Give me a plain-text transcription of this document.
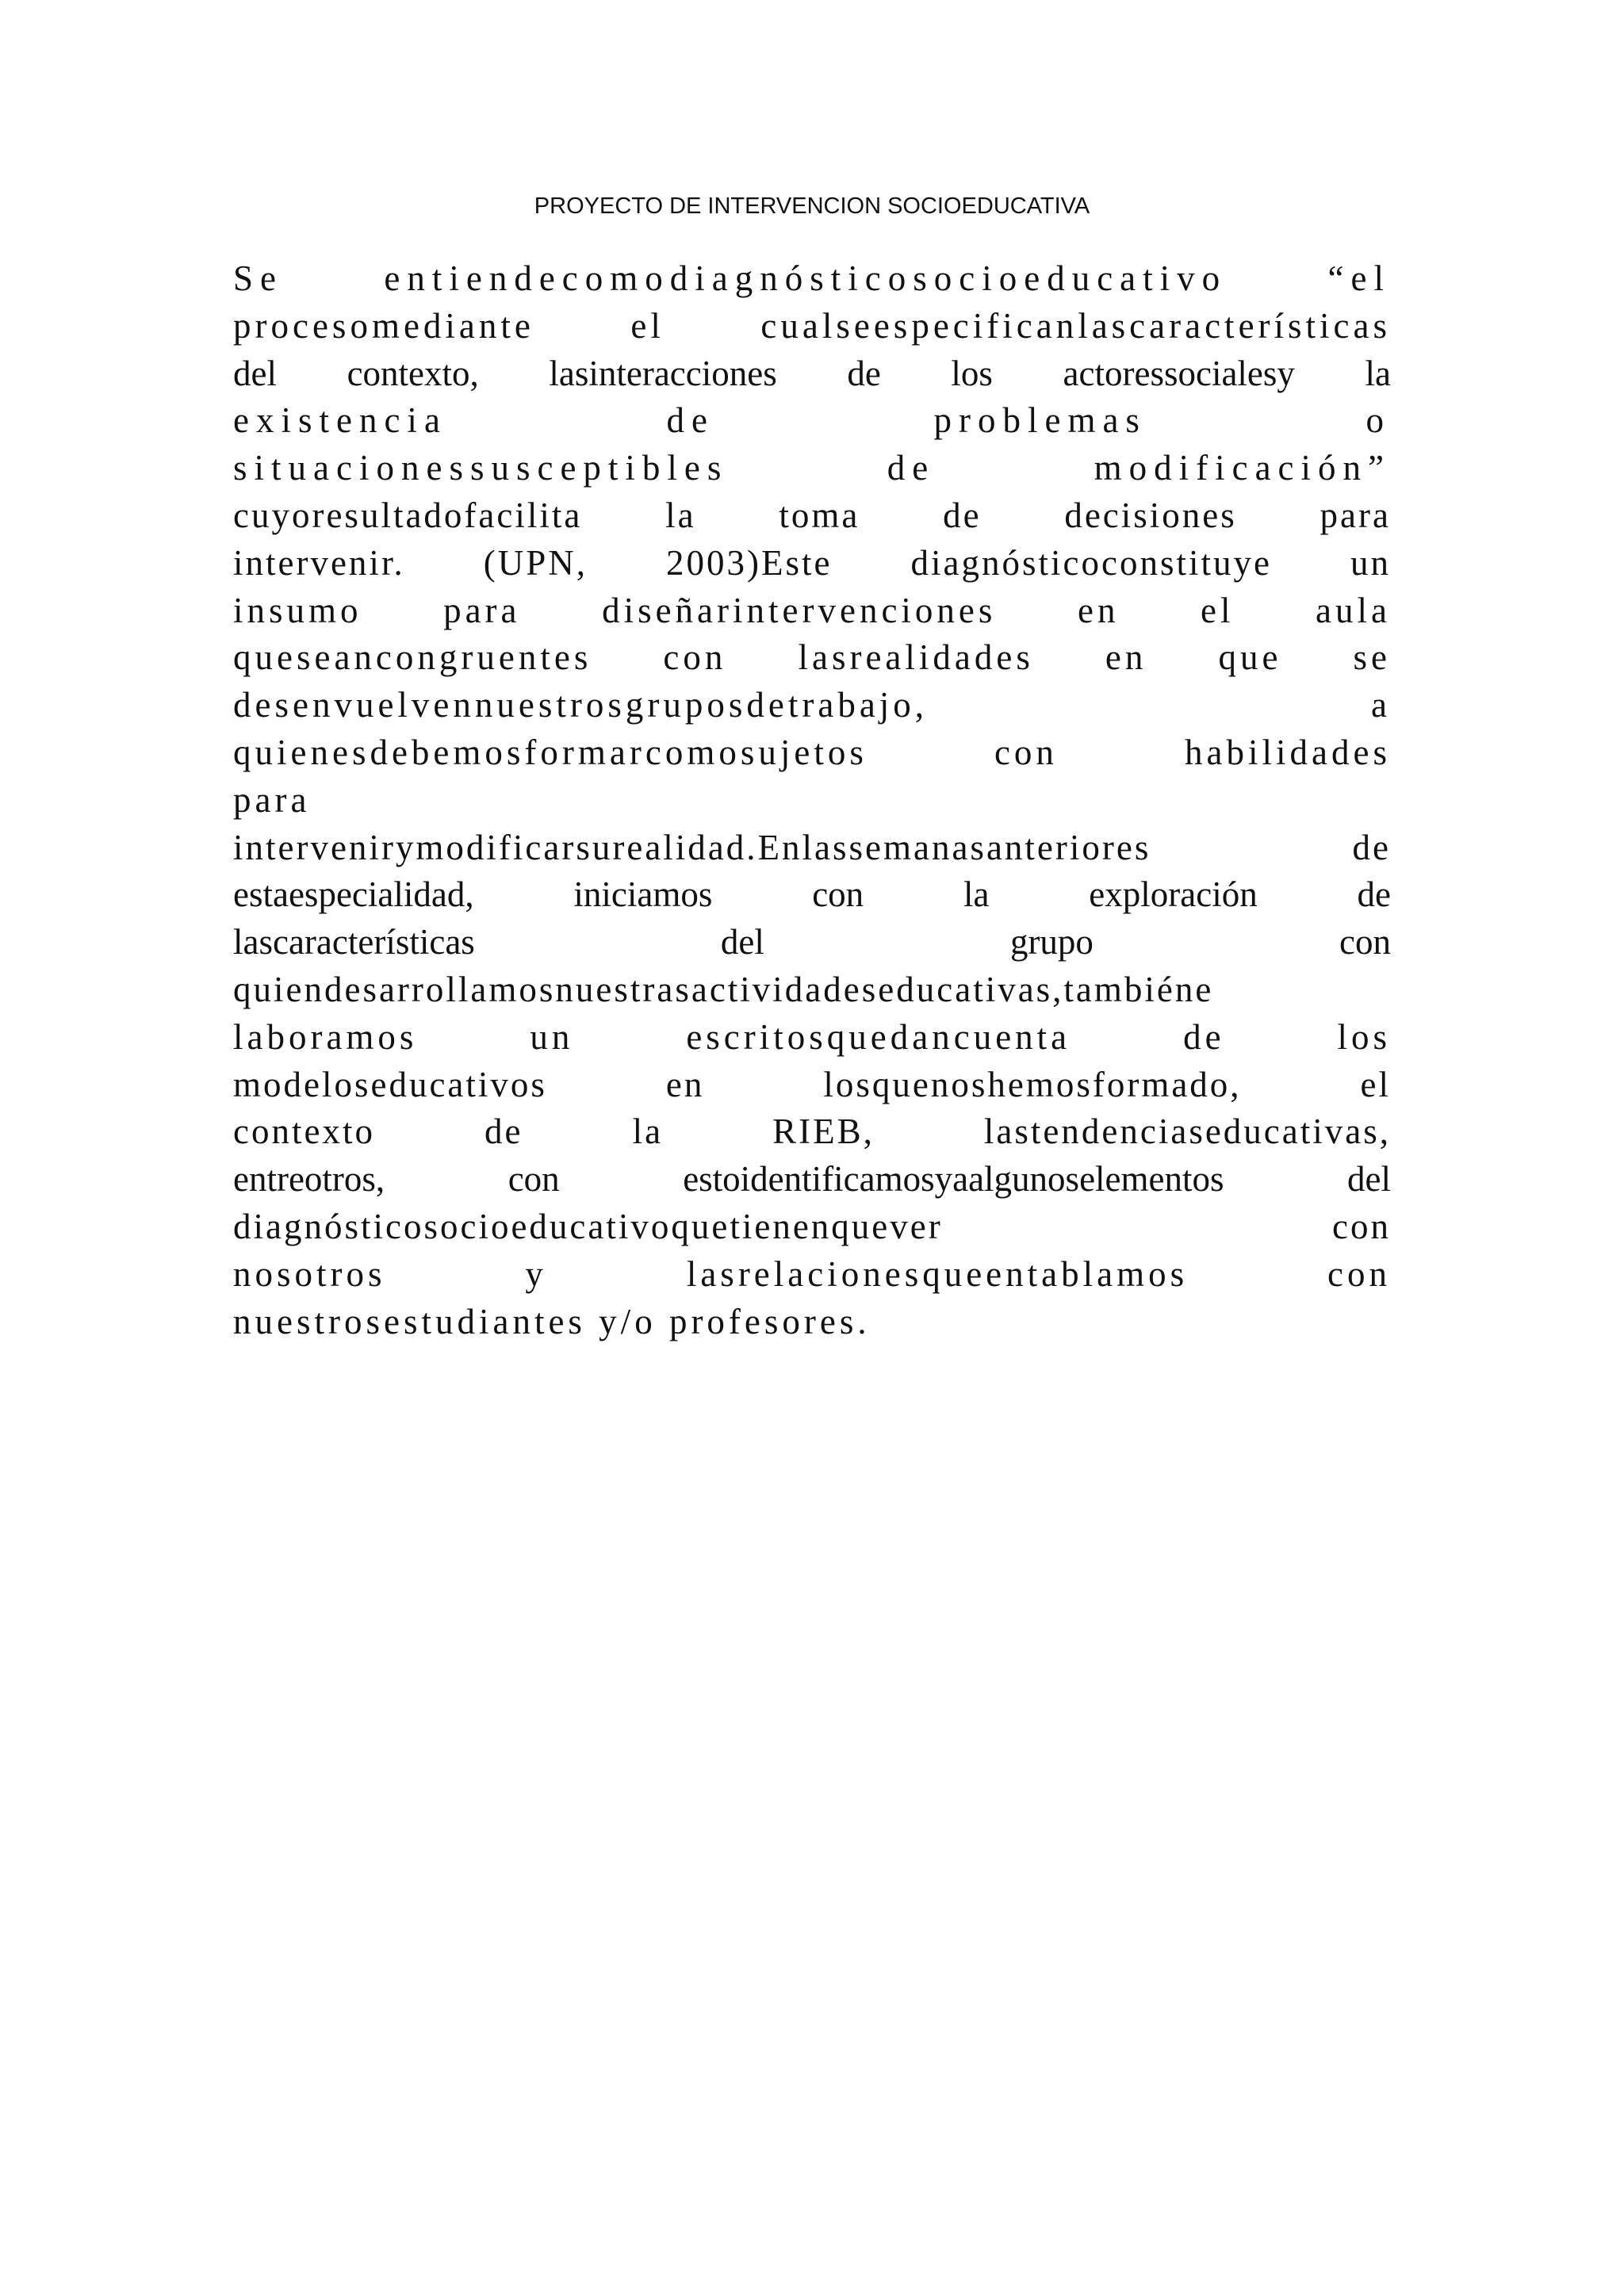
PROYECTO DE INTERVENCION SOCIOEDUCATIVA
Se entiendecomodiagnósticosocioeducativo “el
procesomediante el cualseespecificanlascaracterísticas
del contexto, lasinteracciones de los actoressocialesy la
existencia de problemas o
situacionessusceptibles de modificación”
cuyoresultadofacilita la toma de decisiones para
intervenir. (UPN, 2003)Este diagnósticoconstituye un
insumo para diseñarintervenciones en el aula
queseancongruentes con lasrealidades en que se
desenvuelvennuestrosgruposdetrabajo, a
quienesdebemosformarcomosujetos con habilidades
para
intervenirymodificarsurealidad.Enlassemanasanteriores de
estaespecialidad, iniciamos con la exploración de
lascaracterísticas del grupo con
quiendesarrollamosnuestrasactividadeseducativas,tambiéne
laboramos un escritosquedancuenta de los
modeloseducativos en losquenoshemosformado, el
contexto de la RIEB, lastendenciaseducativas,
entreotros, con estoidentificamosyaalgunoselementos del
diagnósticosocioeducativoquetienenquever con
nosotros y lasrelacionesqueentablamos con
nuestrosestudiantes y/o profesores.
